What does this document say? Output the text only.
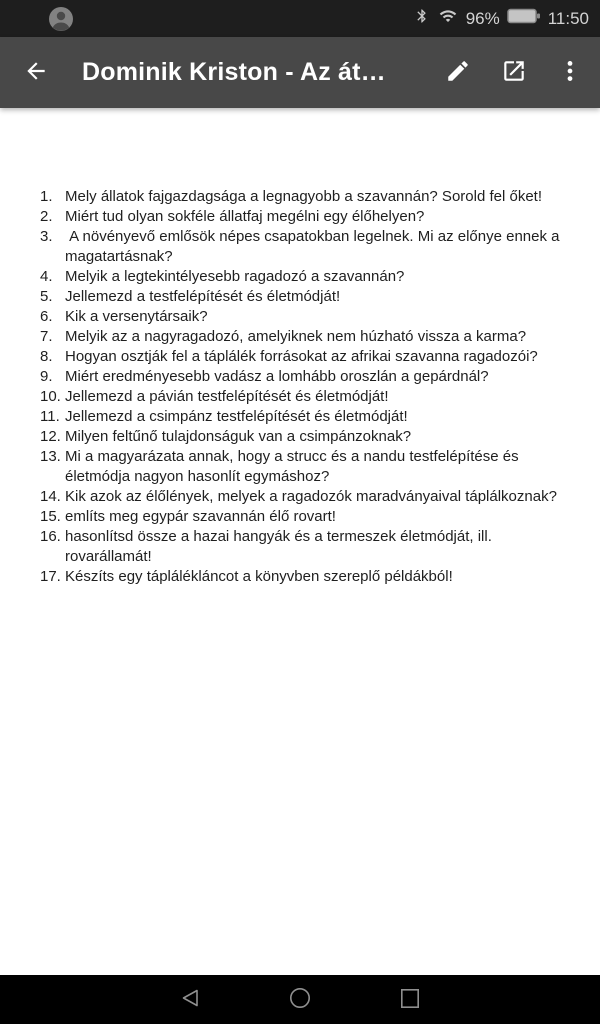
96%	11:50
Dominik Kriston - Az át…
1. Mely állatok fajgazdagsága a legnagyobb a szavannán? Sorold fel őket!
2. Miért tud olyan sokféle állatfaj megélni egy élőhelyen?
3. A növényevő emlősök népes csapatokban legelnek. Mi az előnye ennek a magatartásnak?
4. Melyik a legtekintélyesebb ragadozó a szavannán?
5. Jellemezd a testfelépítését és életmódját!
6. Kik a versenytársaik?
7. Melyik az a nagyragadozó, amelyiknek nem húzható vissza a karma?
8. Hogyan osztják fel a táplálék forrásokat az afrikai szavanna ragadozói?
9. Miért eredményesebb vadász a lomhább oroszlán a gepárdnál?
10. Jellemezd a pávián testfelépítését és életmódját!
11. Jellemezd a csimpánz testfelépítését és életmódját!
12. Milyen feltűnő tulajdonságuk van a csimpánzoknak?
13. Mi a magyarázata annak, hogy a strucc és a nandu testfelépítése és életmódja nagyon hasonlít egymáshoz?
14. Kik azok az élőlények, melyek a ragadozók maradványaival táplálkoznak?
15. említs meg egypár szavannán élő rovart!
16. hasonlítsd össze a hazai hangyák és a termeszek életmódját, ill. rovarállamát!
17. Készíts egy táplálékláncot a könyvben szereplő példákból!
